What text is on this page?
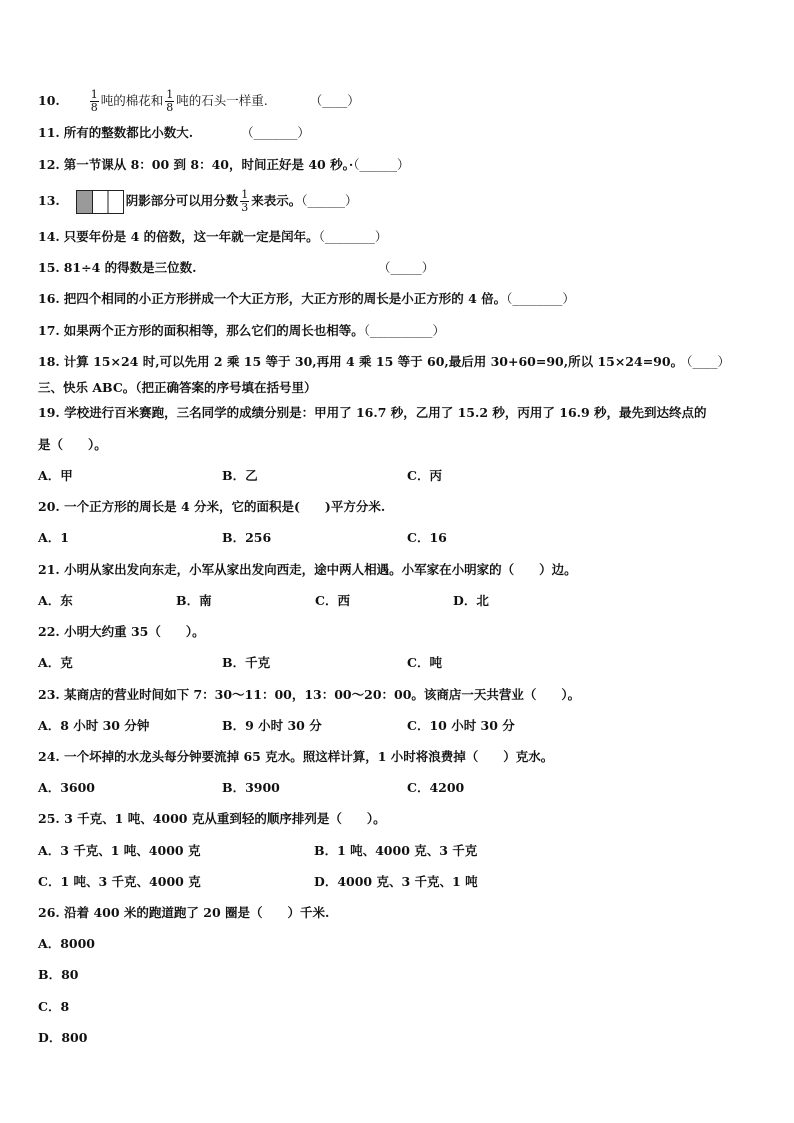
10.	$\frac{1}{8}$ 吨的棉花和 $\frac{1}{8}$ 吨的石头一样重.	（____）
11. 所有的整数都比小数大.	（_______）
12. 第一节课从 8：00 到 8：40，时间正好是 40 秒。·（______）
13.	阴影部分可以用分数 $\frac{1}{3}$ 来表示。（______）
14. 只要年份是 4 的倍数，这一年就一定是闰年。（________）
15. 81÷4 的得数是三位数.	（_____）
16. 把四个相同的小正方形拼成一个大正方形，大正方形的周长是小正方形的 4 倍。（________）
17. 如果两个正方形的面积相等，那么它们的周长也相等。（__________）
18. 计算 15×24 时,可以先用 2 乘 15 等于 30,再用 4 乘 15 等于 60,最后用 30+60=90,所以 15×24=90。
（____）
三、快乐 ABC。（把正确答案的序号填在括号里）
19. 学校进行百米赛跑，三名同学的成绩分别是：甲用了 16.7 秒，乙用了 15.2 秒，丙用了 16.9 秒，最先到达终点的
是（　　）。
A．甲	B．乙	C．丙
20. 一个正方形的周长是 4 分米，它的面积是(　　)平方分米.
A．1	B．256	C．16
21. 小明从家出发向东走，小军从家出发向西走，途中两人相遇。小军家在小明家的（　　）边。
A．东	B．南	C．西	D．北
22. 小明大约重 35（　　）。
A．克	B．千克	C．吨
23. 某商店的营业时间如下 7：30～11：00，13：00～20：00。该商店一天共营业（　　）。
A．8 小时 30 分钟	B．9 小时 30 分	C．10 小时 30 分
24. 一个坏掉的水龙头每分钟要流掉 65 克水。照这样计算，1 小时将浪费掉（　　）克水。
A．3600	B．3900	C．4200
25. 3 千克、1 吨、4000 克从重到轻的顺序排列是（　　）。
A．3 千克、1 吨、4000 克	B．1 吨、4000 克、3 千克
C．1 吨、3 千克、4000 克	D．4000 克、3 千克、1 吨
26. 沿着 400 米的跑道跑了 20 圈是（　　）千米.
A．8000
B．80
C．8
D．800
